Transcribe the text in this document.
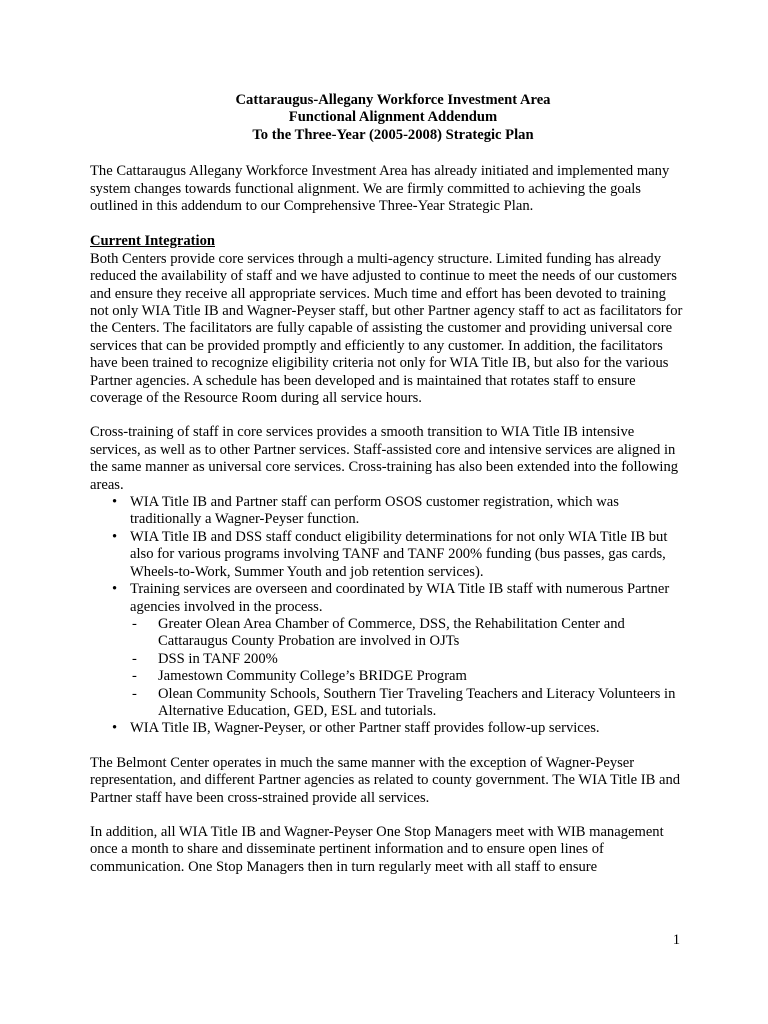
Cattaraugus-Allegany Workforce Investment Area
Functional Alignment Addendum
To the Three-Year (2005-2008) Strategic Plan

The Cattaraugus Allegany Workforce Investment Area has already initiated and implemented many system changes towards functional alignment. We are firmly committed to achieving the goals outlined in this addendum to our Comprehensive Three-Year Strategic Plan.

Current Integration

Both Centers provide core services through a multi-agency structure. Limited funding has already reduced the availability of staff and we have adjusted to continue to meet the needs of our customers and ensure they receive all appropriate services. Much time and effort has been devoted to training not only WIA Title IB and Wagner-Peyser staff, but other Partner agency staff to act as facilitators for the Centers. The facilitators are fully capable of assisting the customer and providing universal core services that can be provided promptly and efficiently to any customer. In addition, the facilitators have been trained to recognize eligibility criteria not only for WIA Title IB, but also for the various Partner agencies. A schedule has been developed and is maintained that rotates staff to ensure coverage of the Resource Room during all service hours.

Cross-training of staff in core services provides a smooth transition to WIA Title IB intensive services, as well as to other Partner services. Staff-assisted core and intensive services are aligned in the same manner as universal core services. Cross-training has also been extended into the following areas.

• WIA Title IB and Partner staff can perform OSOS customer registration, which was traditionally a Wagner-Peyser function.
• WIA Title IB and DSS staff conduct eligibility determinations for not only WIA Title IB but also for various programs involving TANF and TANF 200% funding (bus passes, gas cards, Wheels-to-Work, Summer Youth and job retention services).
• Training services are overseen and coordinated by WIA Title IB staff with numerous Partner agencies involved in the process.
- Greater Olean Area Chamber of Commerce, DSS, the Rehabilitation Center and Cattaraugus County Probation are involved in OJTs
- DSS in TANF 200%
- Jamestown Community College’s BRIDGE Program
- Olean Community Schools, Southern Tier Traveling Teachers and Literacy Volunteers in Alternative Education, GED, ESL and tutorials.
• WIA Title IB, Wagner-Peyser, or other Partner staff provides follow-up services.

The Belmont Center operates in much the same manner with the exception of Wagner-Peyser representation, and different Partner agencies as related to county government. The WIA Title IB and Partner staff have been cross-strained provide all services.

In addition, all WIA Title IB and Wagner-Peyser One Stop Managers meet with WIB management once a month to share and disseminate pertinent information and to ensure open lines of communication. One Stop Managers then in turn regularly meet with all staff to ensure

1
